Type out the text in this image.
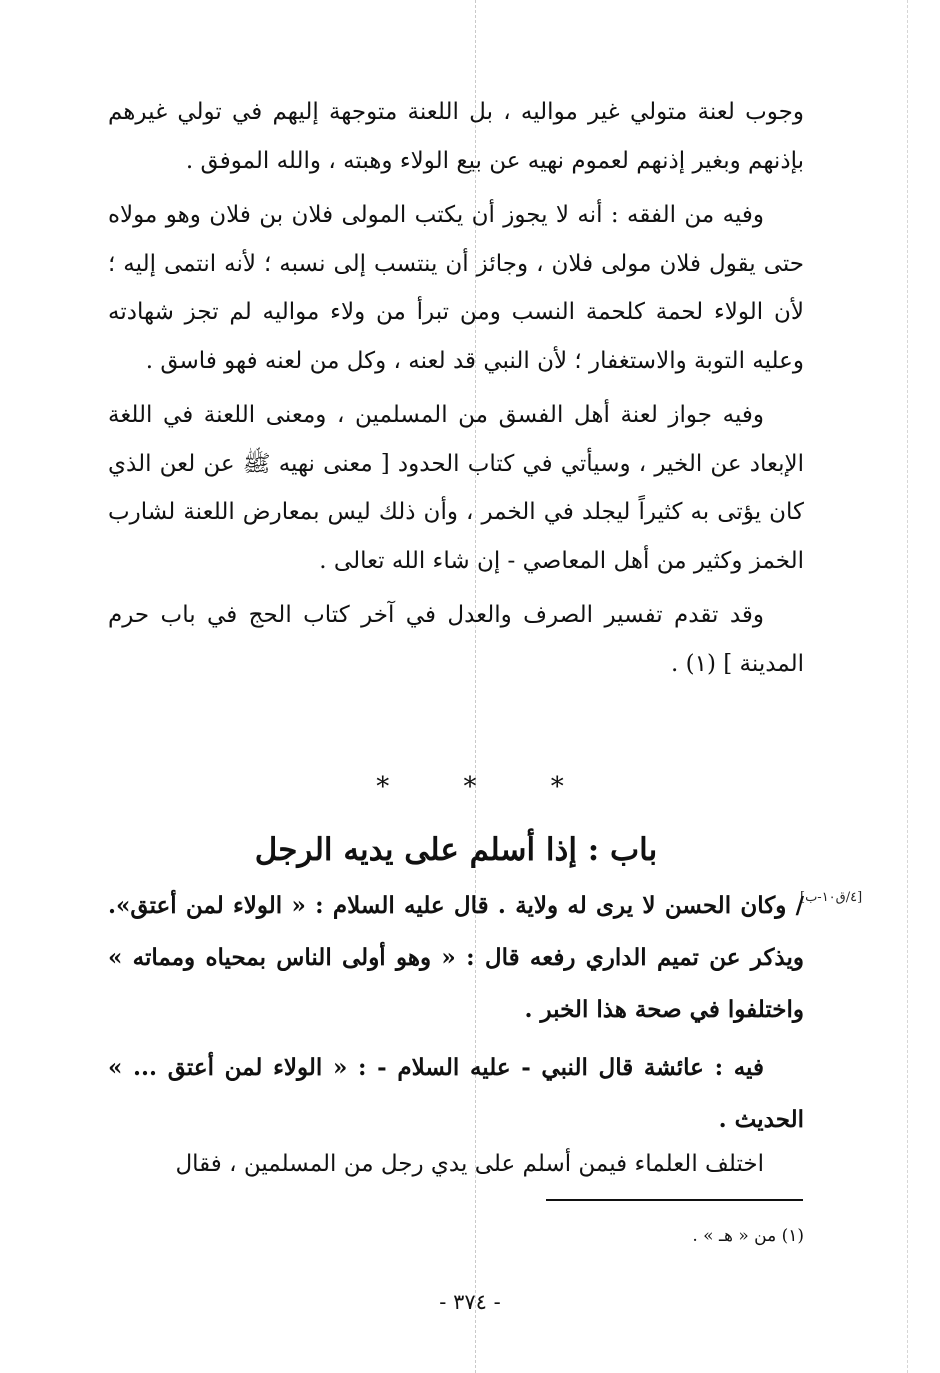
وجوب لعنة متولي غير مواليه ، بل اللعنة متوجهة إليهم في تولي غيرهم بإذنهم وبغير إذنهم لعموم نهيه عن بيع الولاء وهبته ، والله الموفق .

وفيه من الفقه : أنه لا يجوز أن يكتب المولى فلان بن فلان وهو مولاه حتى يقول فلان مولى فلان ، وجائز أن ينتسب إلى نسبه ؛ لأنه انتمى إليه ؛ لأن الولاء لحمة كلحمة النسب ومن تبرأ من ولاء مواليه لم تجز شهادته وعليه التوبة والاستغفار ؛ لأن النبي قد لعنه ، وكل من لعنه فهو فاسق .

وفيه جواز لعنة أهل الفسق من المسلمين ، ومعنى اللعنة في اللغة الإبعاد عن الخير ، وسيأتي في كتاب الحدود [ معنى نهيه ﷺ عن لعن الذي كان يؤتى به كثيراً ليجلد في الخمر ، وأن ذلك ليس بمعارض اللعنة لشارب الخمز وكثير من أهل المعاصي - إن شاء الله تعالى .

وقد تقدم تفسير الصرف والعدل في آخر كتاب الحج في باب حرم المدينة ] (١) .

*	*	*
باب : إذا أسلم على يديه الرجل
[٤/ق١٠-ب]

/ وكان الحسن لا يرى له ولاية . قال عليه السلام : « الولاء لمن أعتق». ويذكر عن تميم الداري رفعه قال : « وهو أولى الناس بمحياه ومماته » واختلفوا في صحة هذا الخبر .

فيه : عائشة قال النبي - عليه السلام - : « الولاء لمن أعتق ... » الحديث .

اختلف العلماء فيمن أسلم على يدي رجل من المسلمين ، فقال

(١) من « هـ » .
- ٣٧٤ -
